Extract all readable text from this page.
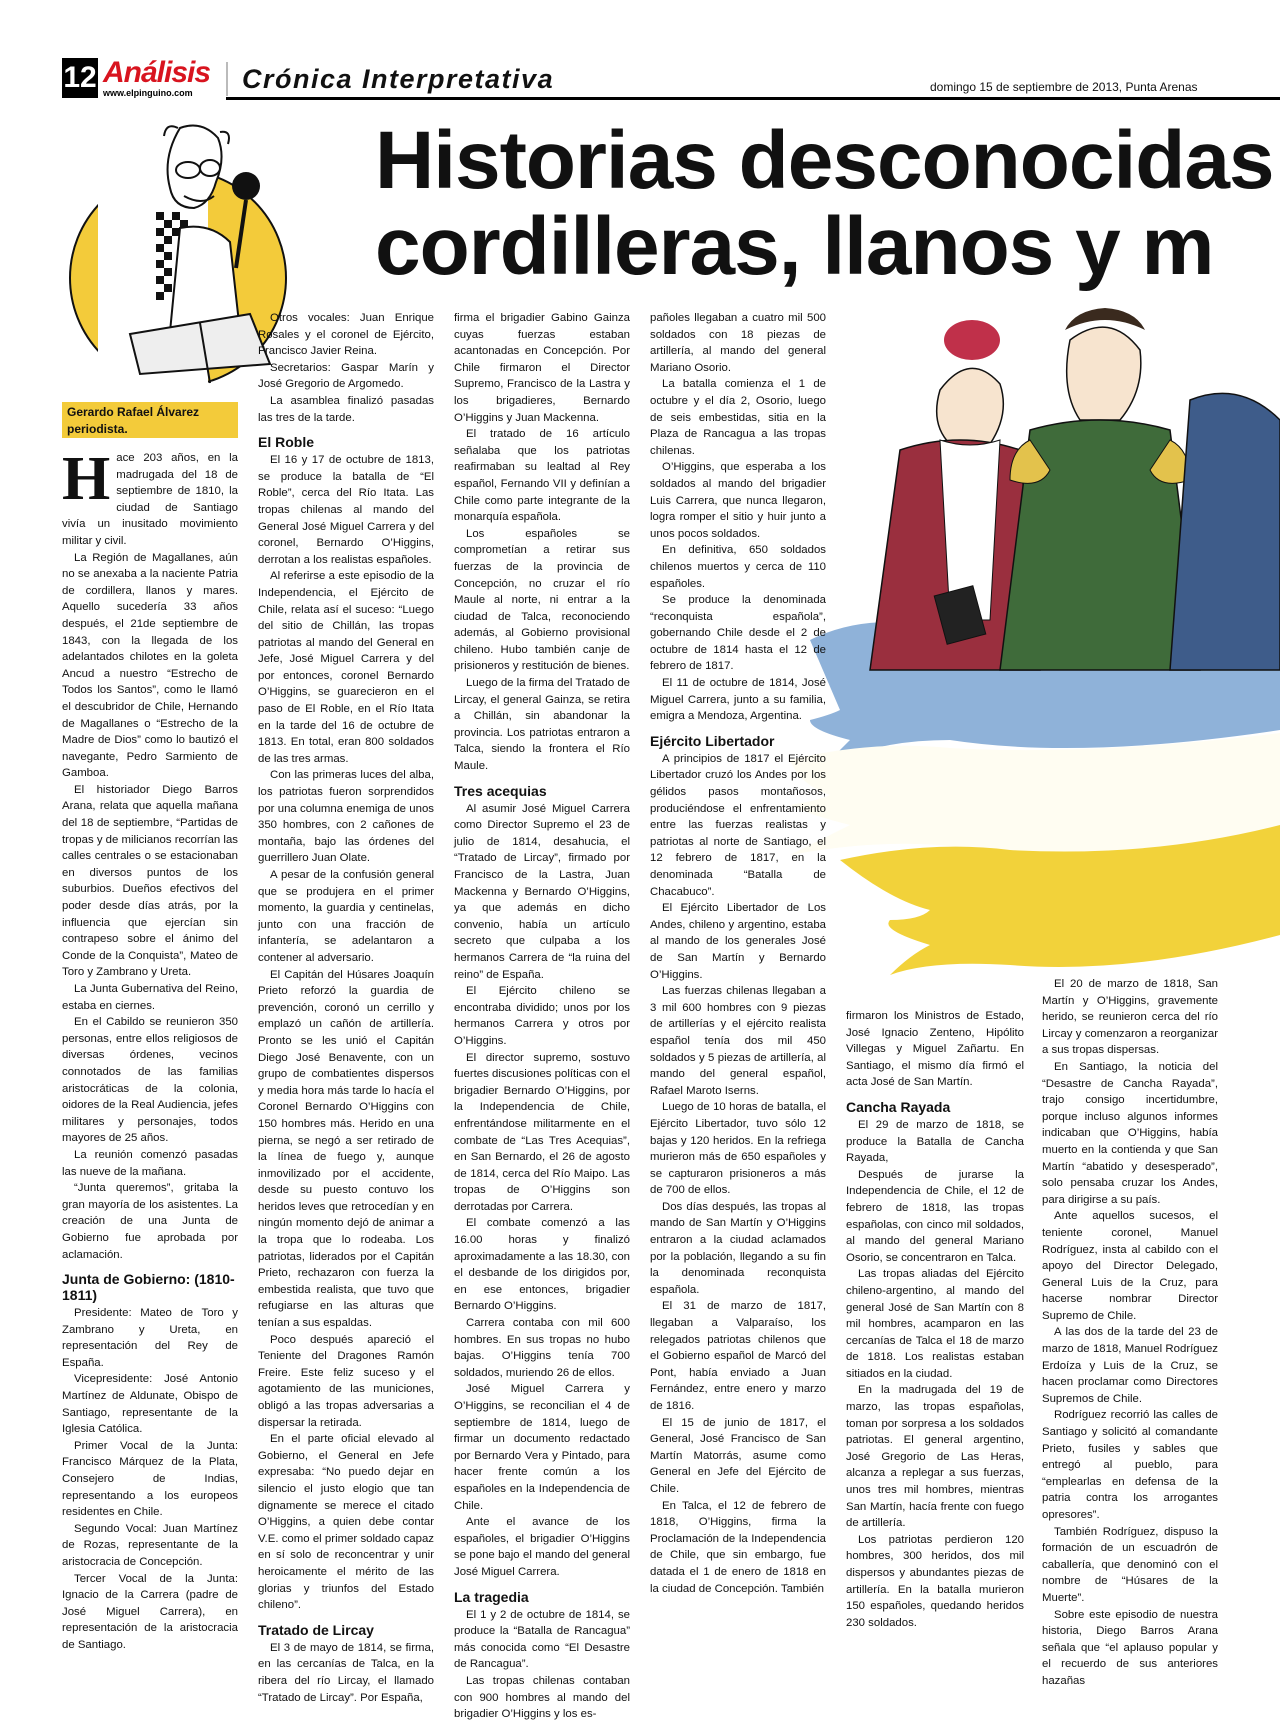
12 Análisis
www.elpinguino.com Crónica Interpretativa	domingo 15 de septiembre de 2013, Punta Arenas
Historias desconocidas
cordilleras, llanos y m
Gerardo Rafael Álvarez
periodista.

Hace 203 años, en la madrugada del 18 de septiembre de 1810, la ciudad de Santiago vivía un inusitado movimiento militar y civil.

La Región de Magallanes, aún no se anexaba a la naciente Patria de cordillera, llanos y mares. Aquello sucedería 33 años después, el 21de septiembre de 1843, con la llegada de los adelantados chilotes en la goleta Ancud a nuestro “Estrecho de Todos los Santos”, como le llamó el descubridor de Chile, Hernando de Magallanes o “Estrecho de la Madre de Dios” como lo bautizó el navegante, Pedro Sarmiento de Gamboa.

El historiador Diego Barros Arana, relata que aquella mañana del 18 de septiembre, “Partidas de tropas y de milicianos recorrían las calles centrales o se estacionaban en diversos puntos de los suburbios. Dueños efectivos del poder desde días atrás, por la influencia que ejercían sin contrapeso sobre el ánimo del Conde de la Conquista”, Mateo de Toro y Zambrano y Ureta.

La Junta Gubernativa del Reino, estaba en ciernes.

En el Cabildo se reunieron 350 personas, entre ellos religiosos de diversas órdenes, vecinos connotados de las familias aristocráticas de la colonia, oidores de la Real Audiencia, jefes militares y personajes, todos mayores de 25 años.

La reunión comenzó pasadas las nueve de la mañana.

“Junta queremos”, gritaba la gran mayoría de los asistentes. La creación de una Junta de Gobierno fue aprobada por aclamación.

Junta de Gobierno: (1810-1811)

Presidente: Mateo de Toro y Zambrano y Ureta, en representación del Rey de España.

Vicepresidente: José Antonio Martínez de Aldunate, Obispo de Santiago, representante de la Iglesia Católica.

Primer Vocal de la Junta: Francisco Márquez de la Plata, Consejero de Indias, representando a los europeos residentes en Chile.

Segundo Vocal: Juan Martínez de Rozas, representante de la aristocracia de Concepción.

Tercer Vocal de la Junta: Ignacio de la Carrera (padre de José Miguel Carrera), en representación de la aristocracia de Santiago.

Otros vocales: Juan Enrique Rosales y el coronel de Ejército, Francisco Javier Reina.

Secretarios: Gaspar Marín y José Gregorio de Argomedo.

La asamblea finalizó pasadas las tres de la tarde.

El Roble

El 16 y 17 de octubre de 1813, se produce la batalla de “El Roble”, cerca del Río Itata. Las tropas chilenas al mando del General José Miguel Carrera y del coronel, Bernardo O’Higgins, derrotan a los realistas españoles.

Al referirse a este episodio de la Independencia, el Ejército de Chile, relata así el suceso: “Luego del sitio de Chillán, las tropas patriotas al mando del General en Jefe, José Miguel Carrera y del por entonces, coronel Bernardo O’Higgins, se guarecieron en el paso de El Roble, en el Río Itata en la tarde del 16 de octubre de 1813. En total, eran 800 soldados de las tres armas.

Con las primeras luces del alba, los patriotas fueron sorprendidos por una columna enemiga de unos 350 hombres, con 2 cañones de montaña, bajo las órdenes del guerrillero Juan Olate.

A pesar de la confusión general que se produjera en el primer momento, la guardia y centinelas, junto con una fracción de infantería, se adelantaron a contener al adversario.

El Capitán del Húsares Joaquín Prieto reforzó la guardia de prevención, coronó un cerrillo y emplazó un cañón de artillería. Pronto se les unió el Capitán Diego José Benavente, con un grupo de combatientes dispersos y media hora más tarde lo hacía el Coronel Bernardo O’Higgins con 150 hombres más. Herido en una pierna, se negó a ser retirado de la línea de fuego y, aunque inmovilizado por el accidente, desde su puesto contuvo los heridos leves que retrocedían y en ningún momento dejó de animar a la tropa que lo rodeaba. Los patriotas, liderados por el Capitán Prieto, rechazaron con fuerza la embestida realista, que tuvo que refugiarse en las alturas que tenían a sus espaldas.

Poco después apareció el Teniente del Dragones Ramón Freire. Este feliz suceso y el agotamiento de las municiones, obligó a las tropas adversarias a dispersar la retirada.

En el parte oficial elevado al Gobierno, el General en Jefe expresaba: “No puedo dejar en silencio el justo elogio que tan dignamente se merece el citado O’Higgins, a quien debe contar V.E. como el primer soldado capaz en sí solo de reconcentrar y unir heroicamente el mérito de las glorias y triunfos del Estado chileno”.

Tratado de Lircay

El 3 de mayo de 1814, se firma, en las cercanías de Talca, en la ribera del río Lircay, el llamado “Tratado de Lircay”. Por España,

firma el brigadier Gabino Gainza cuyas fuerzas estaban acantonadas en Concepción. Por Chile firmaron el Director Supremo, Francisco de la Lastra y los brigadieres, Bernardo O’Higgins y Juan Mackenna.

El tratado de 16 artículo señalaba que los patriotas reafirmaban su lealtad al Rey español, Fernando VII y definían a Chile como parte integrante de la monarquía española.

Los españoles se comprometían a retirar sus fuerzas de la provincia de Concepción, no cruzar el río Maule al norte, ni entrar a la ciudad de Talca, reconociendo además, al Gobierno provisional chileno. Hubo también canje de prisioneros y restitución de bienes.

Luego de la firma del Tratado de Lircay, el general Gainza, se retira a Chillán, sin abandonar la provincia. Los patriotas entraron a Talca, siendo la frontera el Río Maule.

Tres acequias

Al asumir José Miguel Carrera como Director Supremo el 23 de julio de 1814, desahucia, el “Tratado de Lircay”, firmado por Francisco de la Lastra, Juan Mackenna y Bernardo O’Higgins, ya que además en dicho convenio, había un artículo secreto que culpaba a los hermanos Carrera de “la ruina del reino” de España.

El Ejército chileno se encontraba dividido; unos por los hermanos Carrera y otros por O’Higgins.

El director supremo, sostuvo fuertes discusiones políticas con el brigadier Bernardo O’Higgins, por la Independencia de Chile, enfrentándose militarmente en el combate de “Las Tres Acequias”, en San Bernardo, el 26 de agosto de 1814, cerca del Río Maipo. Las tropas de O’Higgins son derrotadas por Carrera.

El combate comenzó a las 16.00 horas y finalizó aproximadamente a las 18.30, con el desbande de los dirigidos por, en ese entonces, brigadier Bernardo O’Higgins.

Carrera contaba con mil 600 hombres. En sus tropas no hubo bajas. O’Higgins tenía 700 soldados, muriendo 26 de ellos.

José Miguel Carrera y O’Higgins, se reconcilian el 4 de septiembre de 1814, luego de firmar un documento redactado por Bernardo Vera y Pintado, para hacer frente común a los españoles en la Independencia de Chile.

Ante el avance de los españoles, el brigadier O’Higgins se pone bajo el mando del general José Miguel Carrera.

La tragedia

El 1 y 2 de octubre de 1814, se produce la “Batalla de Rancagua” más conocida como “El Desastre de Rancagua”.

Las tropas chilenas contaban con 900 hombres al mando del brigadier O’Higgins y los es-

pañoles llegaban a cuatro mil 500 soldados con 18 piezas de artillería, al mando del general Mariano Osorio.

La batalla comienza el 1 de octubre y el día 2, Osorio, luego de seis embestidas, sitia en la Plaza de Rancagua a las tropas chilenas.

O’Higgins, que esperaba a los soldados al mando del brigadier Luis Carrera, que nunca llegaron, logra romper el sitio y huir junto a unos pocos soldados.

En definitiva, 650 soldados chilenos muertos y cerca de 110 españoles.

Se produce la denominada “reconquista española”, gobernando Chile desde el 2 de octubre de 1814 hasta el 12 de febrero de 1817.

El 11 de octubre de 1814, José Miguel Carrera, junto a su familia, emigra a Mendoza, Argentina.

Ejército Libertador

A principios de 1817 el Ejército Libertador cruzó los Andes por los gélidos pasos montañosos, produciéndose el enfrentamiento entre las fuerzas realistas y patriotas al norte de Santiago, el 12 febrero de 1817, en la denominada “Batalla de Chacabuco”.

El Ejército Libertador de Los Andes, chileno y argentino, estaba al mando de los generales José de San Martín y Bernardo O’Higgins.

Las fuerzas chilenas llegaban a 3 mil 600 hombres con 9 piezas de artillerías y el ejército realista español tenía dos mil 450 soldados y 5 piezas de artillería, al mando del general español, Rafael Maroto Iserns.

Luego de 10 horas de batalla, el Ejército Libertador, tuvo sólo 12 bajas y 120 heridos. En la refriega murieron más de 650 españoles y se capturaron prisioneros a más de 700 de ellos.

Dos días después, las tropas al mando de San Martín y O’Higgins entraron a la ciudad aclamados por la población, llegando a su fin la denominada reconquista española.

El 31 de marzo de 1817, llegaban a Valparaíso, los relegados patriotas chilenos que el Gobierno español de Marcó del Pont, había enviado a Juan Fernández, entre enero y marzo de 1816.

El 15 de junio de 1817, el General, José Francisco de San Martín Matorrás, asume como General en Jefe del Ejército de Chile.

En Talca, el 12 de febrero de 1818, O’Higgins, firma la Proclamación de la Independencia de Chile, que sin embargo, fue datada el 1 de enero de 1818 en la ciudad de Concepción. También

firmaron los Ministros de Estado, José Ignacio Zenteno, Hipólito Villegas y Miguel Zañartu. En Santiago, el mismo día firmó el acta José de San Martín.

Cancha Rayada

El 29 de marzo de 1818, se produce la Batalla de Cancha Rayada,

Después de jurarse la Independencia de Chile, el 12 de febrero de 1818, las tropas españolas, con cinco mil soldados, al mando del general Mariano Osorio, se concentraron en Talca.

Las tropas aliadas del Ejército chileno-argentino, al mando del general José de San Martín con 8 mil hombres, acamparon en las cercanías de Talca el 18 de marzo de 1818. Los realistas estaban sitiados en la ciudad.

En la madrugada del 19 de marzo, las tropas españolas, toman por sorpresa a los soldados patriotas. El general argentino, José Gregorio de Las Heras, alcanza a replegar a sus fuerzas, unos tres mil hombres, mientras San Martín, hacía frente con fuego de artillería.

Los patriotas perdieron 120 hombres, 300 heridos, dos mil dispersos y abundantes piezas de artillería. En la batalla murieron 150 españoles, quedando heridos 230 soldados.

El 20 de marzo de 1818, San Martín y O’Higgins, gravemente herido, se reunieron cerca del río Lircay y comenzaron a reorganizar a sus tropas dispersas.

En Santiago, la noticia del “Desastre de Cancha Rayada”, trajo consigo incertidumbre, porque incluso algunos informes indicaban que O’Higgins, había muerto en la contienda y que San Martín “abatido y desesperado”, solo pensaba cruzar los Andes, para dirigirse a su país.

Ante aquellos sucesos, el teniente coronel, Manuel Rodríguez, insta al cabildo con el apoyo del Director Delegado, General Luis de la Cruz, para hacerse nombrar Director Supremo de Chile.

A las dos de la tarde del 23 de marzo de 1818, Manuel Rodríguez Erdoíza y Luis de la Cruz, se hacen proclamar como Directores Supremos de Chile.

Rodríguez recorrió las calles de Santiago y solicitó al comandante Prieto, fusiles y sables que entregó al pueblo, para “emplearlas en defensa de la patria contra los arrogantes opresores”.

También Rodríguez, dispuso la formación de un escuadrón de caballería, que denominó con el nombre de “Húsares de la Muerte”.

Sobre este episodio de nuestra historia, Diego Barros Arana señala que “el aplauso popular y el recuerdo de sus anteriores hazañas
